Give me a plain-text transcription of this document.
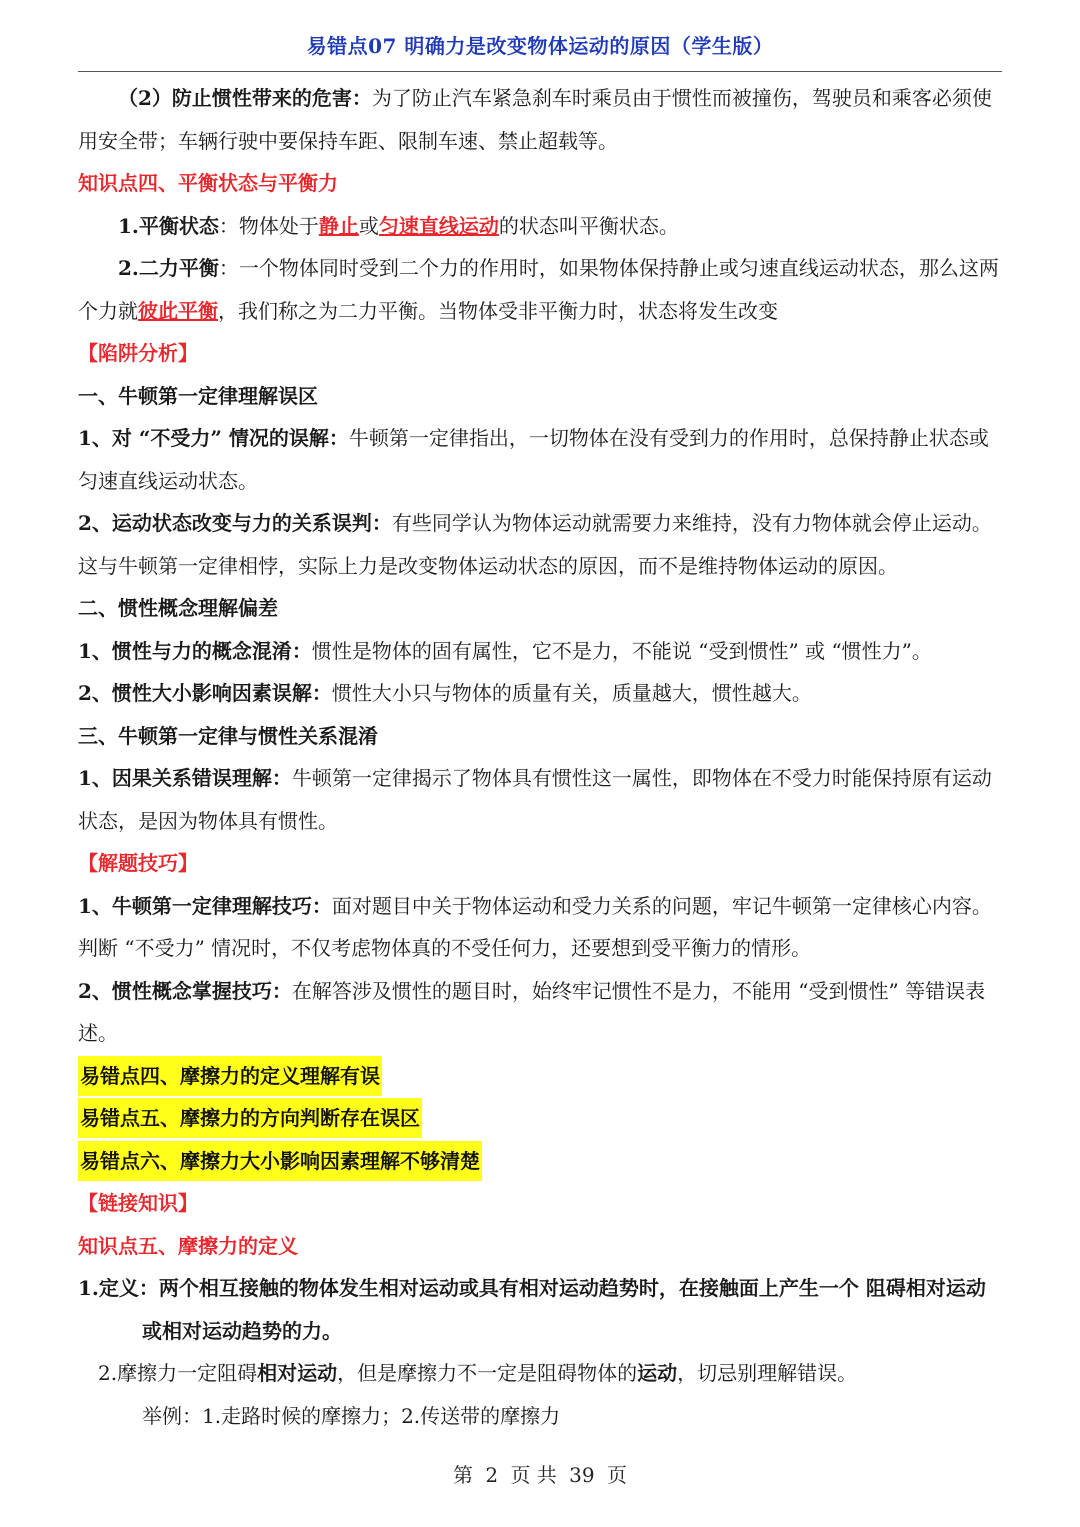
易错点07 明确力是改变物体运动的原因（学生版）

（2）防止惯性带来的危害：为了防止汽车紧急刹车时乘员由于惯性而被撞伤，驾驶员和乘客必须使用安全带；车辆行驶中要保持车距、限制车速、禁止超载等。

知识点四、平衡状态与平衡力

1.平衡状态：物体处于静止或匀速直线运动的状态叫平衡状态。

2.二力平衡：一个物体同时受到二个力的作用时，如果物体保持静止或匀速直线运动状态，那么这两个力就彼此平衡，我们称之为二力平衡。当物体受非平衡力时，状态将发生改变

【陷阱分析】

一、牛顿第一定律理解误区

1、对 “不受力” 情况的误解：牛顿第一定律指出，一切物体在没有受到力的作用时，总保持静止状态或匀速直线运动状态。

2、运动状态改变与力的关系误判：有些同学认为物体运动就需要力来维持，没有力物体就会停止运动。这与牛顿第一定律相悖，实际上力是改变物体运动状态的原因，而不是维持物体运动的原因。

二、惯性概念理解偏差

1、惯性与力的概念混淆：惯性是物体的固有属性，它不是力，不能说 “受到惯性” 或 “惯性力”。

2、惯性大小影响因素误解：惯性大小只与物体的质量有关，质量越大，惯性越大。

三、牛顿第一定律与惯性关系混淆

1、因果关系错误理解：牛顿第一定律揭示了物体具有惯性这一属性，即物体在不受力时能保持原有运动状态，是因为物体具有惯性。

【解题技巧】

1、牛顿第一定律理解技巧：面对题目中关于物体运动和受力关系的问题，牢记牛顿第一定律核心内容。判断 “不受力” 情况时，不仅考虑物体真的不受任何力，还要想到受平衡力的情形。

2、惯性概念掌握技巧：在解答涉及惯性的题目时，始终牢记惯性不是力，不能用 “受到惯性” 等错误表述。

易错点四、摩擦力的定义理解有误

易错点五、摩擦力的方向判断存在误区

易错点六、摩擦力大小影响因素理解不够清楚

【链接知识】

知识点五、摩擦力的定义

1.定义：两个相互接触的物体发生相对运动或具有相对运动趋势时，在接触面上产生一个 阻碍相对运动或相对运动趋势的力。

2.摩擦力一定阻碍相对运动，但是摩擦力不一定是阻碍物体的运动，切忌别理解错误。

举例：1.走路时候的摩擦力；2.传送带的摩擦力

第 2 页 共 39 页
